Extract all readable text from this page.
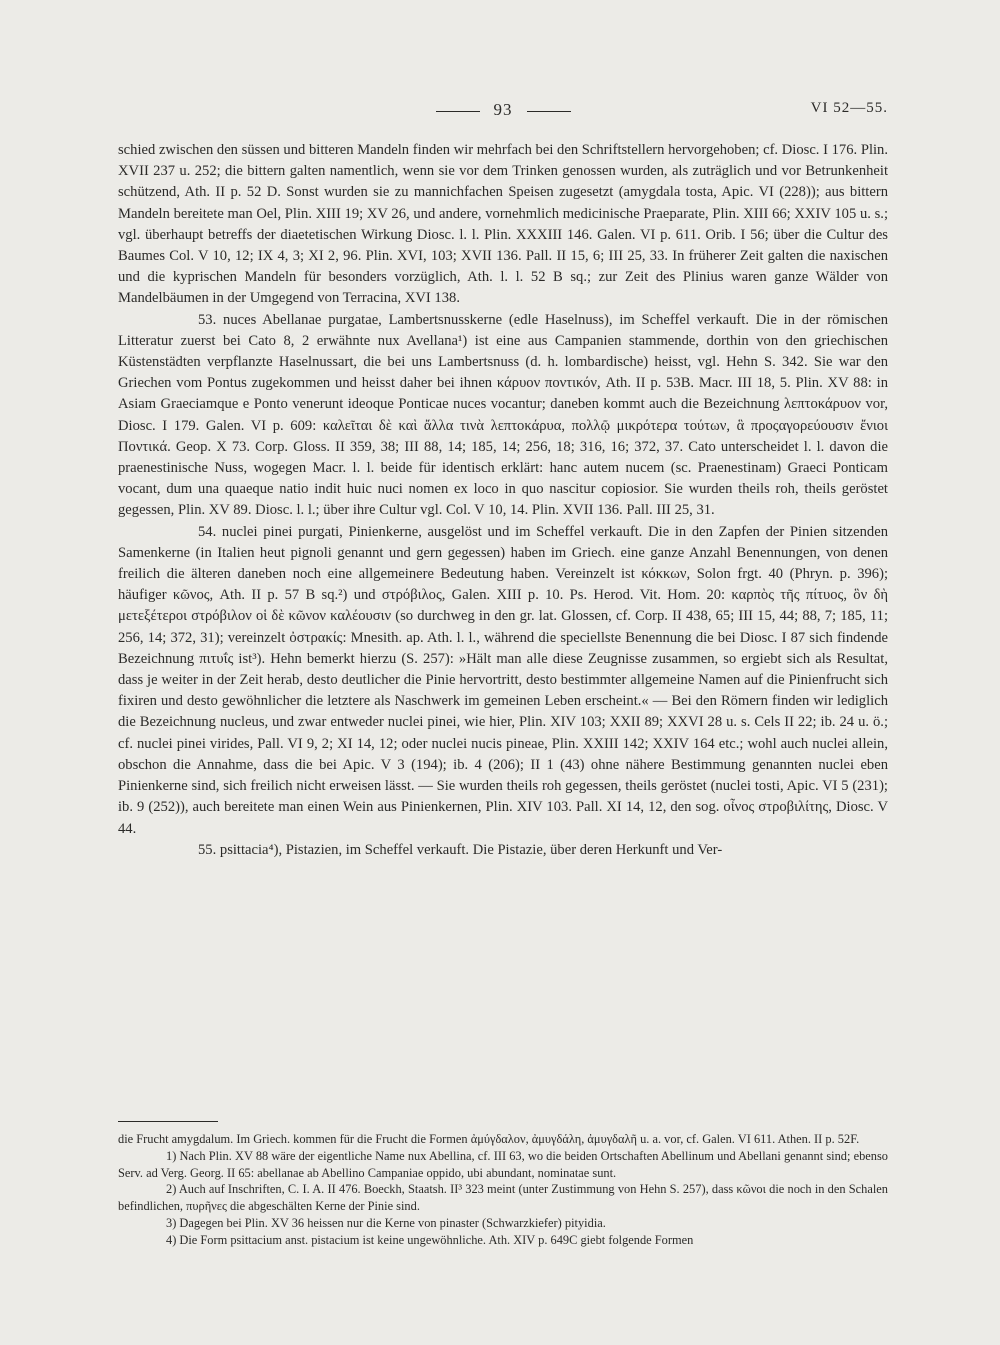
93	VI 52—55.

schied zwischen den süssen und bitteren Mandeln finden wir mehrfach bei den Schriftstellern hervorgehoben; cf. Diosc. I 176. Plin. XVII 237 u. 252; die bittern galten namentlich, wenn sie vor dem Trinken genossen wurden, als zuträglich und vor Betrunkenheit schützend, Ath. II p. 52 D. Sonst wurden sie zu mannichfachen Speisen zugesetzt (amygdala tosta, Apic. VI (228)); aus bittern Mandeln bereitete man Oel, Plin. XIII 19; XV 26, und andere, vornehmlich medicinische Praeparate, Plin. XIII 66; XXIV 105 u. s.; vgl. überhaupt betreffs der diaetetischen Wirkung Diosc. l. l. Plin. XXXIII 146. Galen. VI p. 611. Orib. I 56; über die Cultur des Baumes Col. V 10, 12; IX 4, 3; XI 2, 96. Plin. XVI, 103; XVII 136. Pall. II 15, 6; III 25, 33. In früherer Zeit galten die naxischen und die kyprischen Mandeln für besonders vorzüglich, Ath. l. l. 52 B sq.; zur Zeit des Plinius waren ganze Wälder von Mandelbäumen in der Umgegend von Terracina, XVI 138.

53. nuces Abellanae purgatae, Lambertsnusskerne (edle Haselnuss), im Scheffel verkauft. Die in der römischen Litteratur zuerst bei Cato 8, 2 erwähnte nux Avellana¹) ist eine aus Campanien stammende, dorthin von den griechischen Küstenstädten verpflanzte Haselnussart, die bei uns Lambertsnuss (d. h. lombardische) heisst, vgl. Hehn S. 342. Sie war den Griechen vom Pontus zugekommen und heisst daher bei ihnen κάρυον ποντικόν, Ath. II p. 53B. Macr. III 18, 5. Plin. XV 88: in Asiam Graeciamque e Ponto venerunt ideoque Ponticae nuces vocantur; daneben kommt auch die Bezeichnung λεπτοκάρυον vor, Diosc. I 179. Galen. VI p. 609: καλεῖται δὲ καὶ ἄλλα τινὰ λεπτοκάρυα, πολλῷ μικρότερα τούτων, ἃ προςαγορεύουσιν ἔνιοι Ποντικά. Geop. X 73. Corp. Gloss. II 359, 38; III 88, 14; 185, 14; 256, 18; 316, 16; 372, 37. Cato unterscheidet l. l. davon die praenestinische Nuss, wogegen Macr. l. l. beide für identisch erklärt: hanc autem nucem (sc. Praenestinam) Graeci Ponticam vocant, dum una quaeque natio indit huic nuci nomen ex loco in quo nascitur copiosior. Sie wurden theils roh, theils geröstet gegessen, Plin. XV 89. Diosc. l. l.; über ihre Cultur vgl. Col. V 10, 14. Plin. XVII 136. Pall. III 25, 31.

54. nuclei pinei purgati, Pinienkerne, ausgelöst und im Scheffel verkauft. Die in den Zapfen der Pinien sitzenden Samenkerne (in Italien heut pignoli genannt und gern gegessen) haben im Griech. eine ganze Anzahl Benennungen, von denen freilich die älteren daneben noch eine allgemeinere Bedeutung haben. Vereinzelt ist κόκκων, Solon frgt. 40 (Phryn. p. 396); häufiger κῶνος, Ath. II p. 57 B sq.²) und στρόβιλος, Galen. XIII p. 10. Ps. Herod. Vit. Hom. 20: καρπὸς τῆς πίτυος, ὃν δὴ μετεξέτεροι στρόβιλον οἱ δὲ κῶνον καλέουσιν (so durchweg in den gr. lat. Glossen, cf. Corp. II 438, 65; III 15, 44; 88, 7; 185, 11; 256, 14; 372, 31); vereinzelt ὀστρακίς: Mnesith. ap. Ath. l. l., während die speciellste Benennung die bei Diosc. I 87 sich findende Bezeichnung πιτυΐς ist³). Hehn bemerkt hierzu (S. 257): »Hält man alle diese Zeugnisse zusammen, so ergiebt sich als Resultat, dass je weiter in der Zeit herab, desto deutlicher die Pinie hervortritt, desto bestimmter allgemeine Namen auf die Pinienfrucht sich fixiren und desto gewöhnlicher die letztere als Naschwerk im gemeinen Leben erscheint.« — Bei den Römern finden wir lediglich die Bezeichnung nucleus, und zwar entweder nuclei pinei, wie hier, Plin. XIV 103; XXII 89; XXVI 28 u. s. Cels II 22; ib. 24 u. ö.; cf. nuclei pinei virides, Pall. VI 9, 2; XI 14, 12; oder nuclei nucis pineae, Plin. XXIII 142; XXIV 164 etc.; wohl auch nuclei allein, obschon die Annahme, dass die bei Apic. V 3 (194); ib. 4 (206); II 1 (43) ohne nähere Bestimmung genannten nuclei eben Pinienkerne sind, sich freilich nicht erweisen lässt. — Sie wurden theils roh gegessen, theils geröstet (nuclei tosti, Apic. VI 5 (231); ib. 9 (252)), auch bereitete man einen Wein aus Pinienkernen, Plin. XIV 103. Pall. XI 14, 12, den sog. οἶνος στροβιλίτης, Diosc. V 44.

55. psittacia⁴), Pistazien, im Scheffel verkauft. Die Pistazie, über deren Herkunft und Ver-

die Frucht amygdalum. Im Griech. kommen für die Frucht die Formen ἀμύγδαλον, ἀμυγδάλη, ἀμυγδαλῆ u. a. vor, cf. Galen. VI 611. Athen. II p. 52F.

1) Nach Plin. XV 88 wäre der eigentliche Name nux Abellina, cf. III 63, wo die beiden Ortschaften Abellinum und Abellani genannt sind; ebenso Serv. ad Verg. Georg. II 65: abellanae ab Abellino Campaniae oppido, ubi abundant, nominatae sunt.

2) Auch auf Inschriften, C. I. A. II 476. Boeckh, Staatsh. II³ 323 meint (unter Zustimmung von Hehn S. 257), dass κῶνοι die noch in den Schalen befindlichen, πυρῆνες die abgeschälten Kerne der Pinie sind.

3) Dagegen bei Plin. XV 36 heissen nur die Kerne von pinaster (Schwarzkiefer) pityidia.

4) Die Form psittacium anst. pistacium ist keine ungewöhnliche. Ath. XIV p. 649C giebt folgende Formen
